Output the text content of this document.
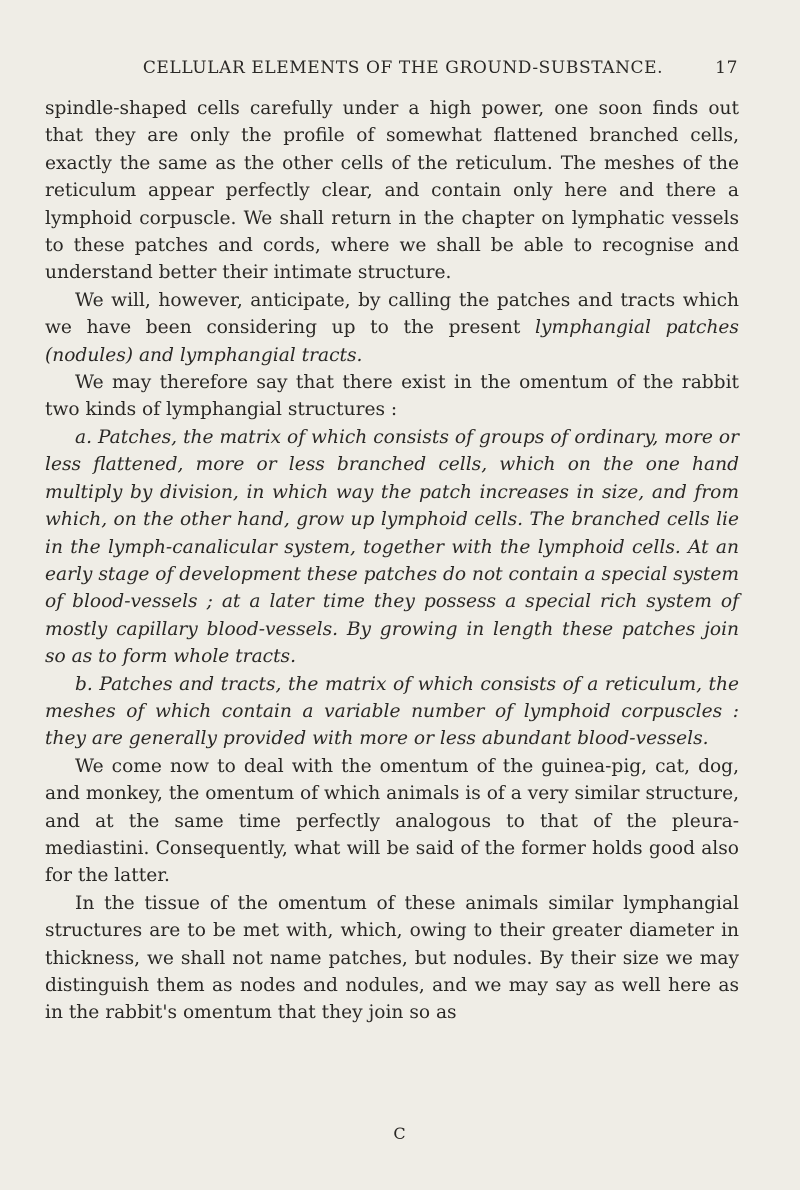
CELLULAR ELEMENTS OF THE GROUND-SUBSTANCE.	17

spindle-shaped cells carefully under a high power, one soon finds out that they are only the profile of somewhat flattened branched cells, exactly the same as the other cells of the reticulum. The meshes of the reticulum appear perfectly clear, and contain only here and there a lymphoid corpuscle. We shall return in the chapter on lymphatic vessels to these patches and cords, where we shall be able to recognise and understand better their intimate structure.

We will, however, anticipate, by calling the patches and tracts which we have been considering up to the present lymphangial patches (nodules) and lymphangial tracts.

We may therefore say that there exist in the omentum of the rabbit two kinds of lymphangial structures :

a. Patches, the matrix of which consists of groups of ordinary, more or less flattened, more or less branched cells, which on the one hand multiply by division, in which way the patch increases in size, and from which, on the other hand, grow up lymphoid cells. The branched cells lie in the lymph-canalicular system, together with the lymphoid cells. At an early stage of development these patches do not contain a special system of blood-vessels ; at a later time they possess a special rich system of mostly capillary blood-vessels. By growing in length these patches join so as to form whole tracts.

b. Patches and tracts, the matrix of which consists of a reticulum, the meshes of which contain a variable number of lymphoid corpuscles : they are generally provided with more or less abundant blood-vessels.

We come now to deal with the omentum of the guinea-pig, cat, dog, and monkey, the omentum of which animals is of a very similar structure, and at the same time perfectly analogous to that of the pleura-mediastini. Consequently, what will be said of the former holds good also for the latter.

In the tissue of the omentum of these animals similar lymphangial structures are to be met with, which, owing to their greater diameter in thickness, we shall not name patches, but nodules. By their size we may distinguish them as nodes and nodules, and we may say as well here as in the rabbit's omentum that they join so as

C
